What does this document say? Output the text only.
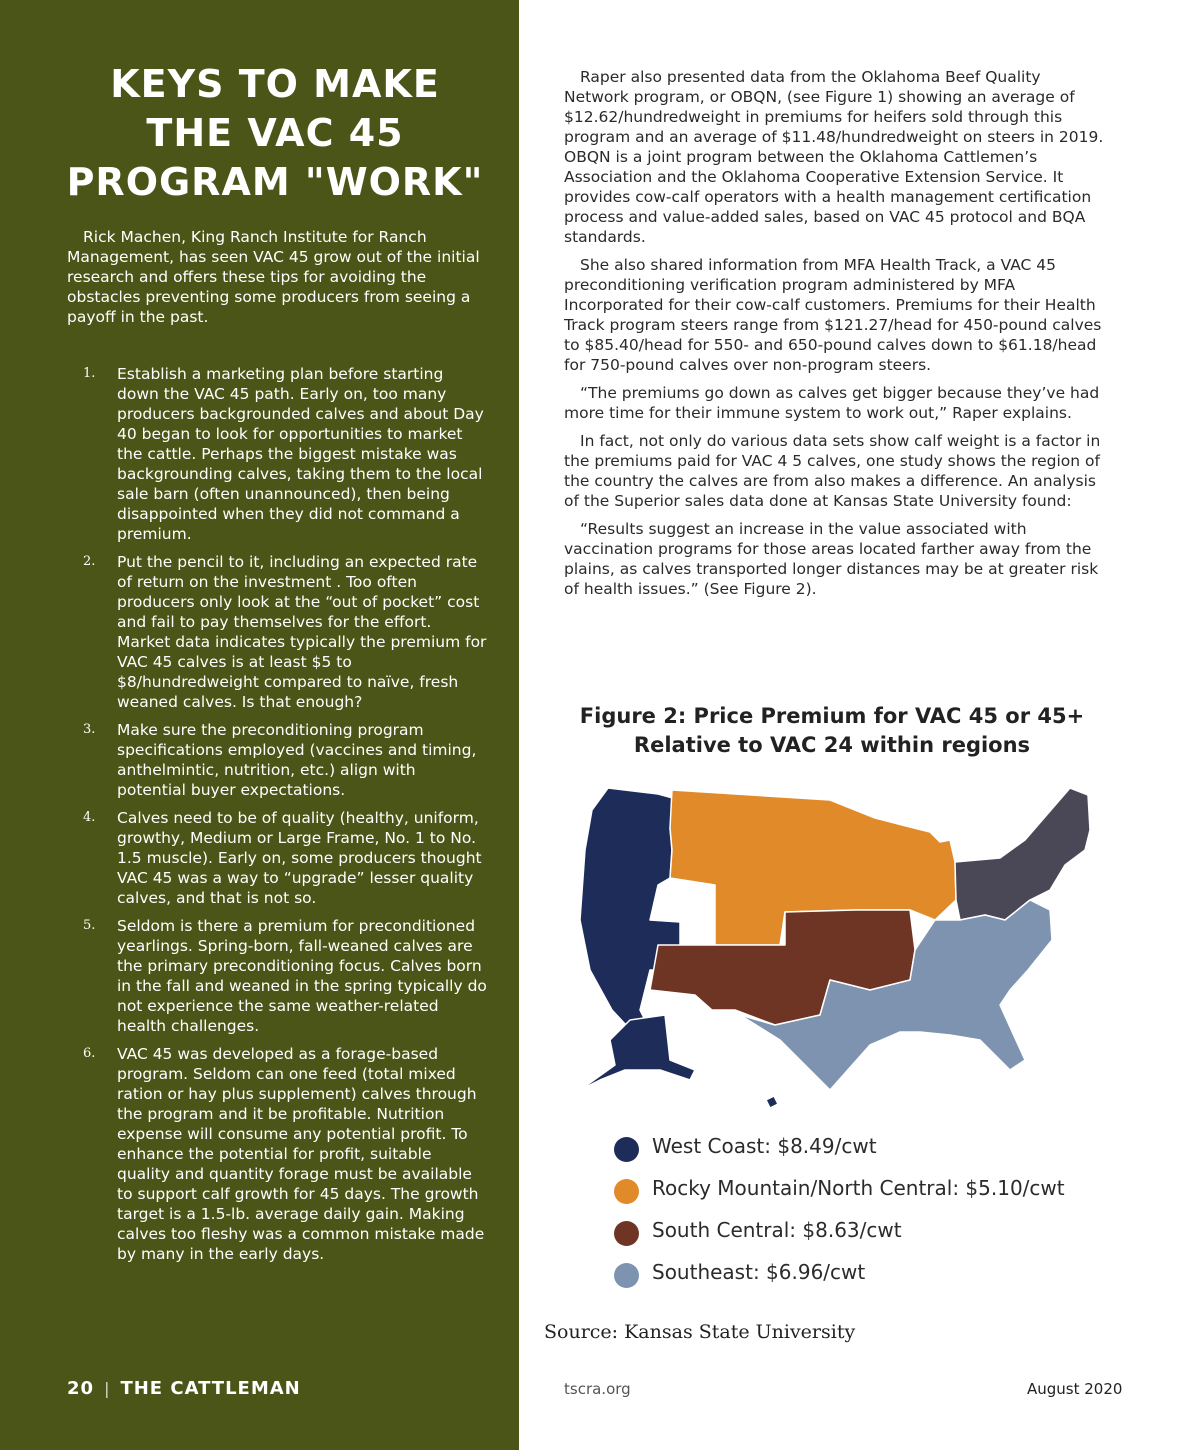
KEYS TO MAKE
THE VAC 45
PROGRAM "WORK"

Rick Machen, King Ranch Institute for Ranch Management, has seen VAC 45 grow out of the initial research and offers these tips for avoiding the obstacles preventing some producers from seeing a payoff in the past.

1. Establish a marketing plan before starting down the VAC 45 path. Early on, too many producers backgrounded calves and about Day 40 began to look for opportunities to market the cattle. Perhaps the biggest mistake was backgrounding calves, taking them to the local sale barn (often unannounced), then being disappointed when they did not command a premium.
2. Put the pencil to it, including an expected rate of return on the investment . Too often producers only look at the “out of pocket” cost and fail to pay themselves for the effort. Market data indicates typically the premium for VAC 45 calves is at least $5 to $8/hundredweight compared to naïve, fresh weaned calves. Is that enough?
3. Make sure the preconditioning program specifications employed (vaccines and timing, anthelmintic, nutrition, etc.) align with potential buyer expectations.
4. Calves need to be of quality (healthy, uniform, growthy, Medium or Large Frame, No. 1 to No. 1.5 muscle). Early on, some producers thought VAC 45 was a way to “upgrade” lesser quality calves, and that is not so.
5. Seldom is there a premium for preconditioned yearlings. Spring-born, fall-weaned calves are the primary preconditioning focus. Calves born in the fall and weaned in the spring typically do not experience the same weather-related health challenges.
6. VAC 45 was developed as a forage-based program. Seldom can one feed (total mixed ration or hay plus supplement) calves through the program and it be profitable. Nutrition expense will consume any potential profit. To enhance the potential for profit, suitable quality and quantity forage must be available to support calf growth for 45 days. The growth target is a 1.5-lb. average daily gain. Making calves too fleshy was a common mistake made by many in the early days.
20 | THE CATTLEMAN

Raper also presented data from the Oklahoma Beef Quality Network program, or OBQN, (see Figure 1) showing an average of $12.62/hundredweight in premiums for heifers sold through this program and an average of $11.48/hundredweight on steers in 2019. OBQN is a joint program between the Oklahoma Cattlemen’s Association and the Oklahoma Cooperative Extension Service. It provides cow-calf operators with a health management certification process and value-added sales, based on VAC 45 protocol and BQA standards.

She also shared information from MFA Health Track, a VAC 45 preconditioning verification program administered by MFA Incorporated for their cow-calf customers. Premiums for their Health Track program steers range from $121.27/head for 450-pound calves to $85.40/head for 550- and 650-pound calves down to $61.18/head for 750-pound calves over non-program steers.

“The premiums go down as calves get bigger because they’ve had more time for their immune system to work out,” Raper explains.

In fact, not only do various data sets show calf weight is a factor in the premiums paid for VAC 4 5 calves, one study shows the region of the country the calves are from also makes a difference. An analysis of the Superior sales data done at Kansas State University found:

“Results suggest an increase in the value associated with vaccination programs for those areas located farther away from the plains, as calves transported longer distances may be at greater risk of health issues.” (See Figure 2).

Figure 2: Price Premium for VAC 45 or 45+
Relative to VAC 24 within regions
West Coast: $8.49/cwt
Rocky Mountain/North Central: $5.10/cwt
South Central: $8.63/cwt
Southeast: $6.96/cwt
Source: Kansas State University
tscra.org	August 2020
